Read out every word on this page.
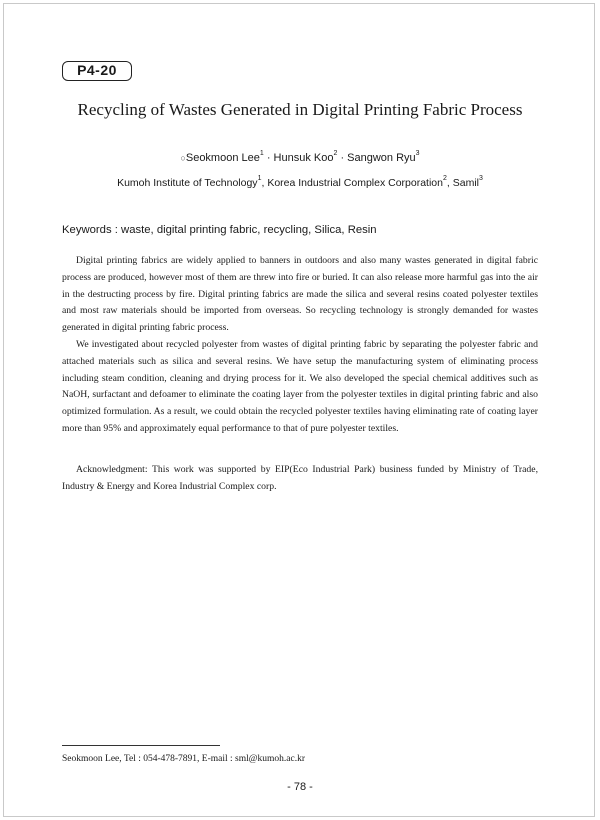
P4-20
Recycling of Wastes Generated in Digital Printing Fabric Process
○Seokmoon Lee$^1$ · Hunsuk Koo$^2$ · Sangwon Ryu$^3$
Kumoh Institute of Technology$^1$, Korea Industrial Complex Corporation$^2$, Samil$^3$
Keywords : waste, digital printing fabric, recycling, Silica, Resin

Digital printing fabrics are widely applied to banners in outdoors and also many wastes generated in digital fabric process are produced, however most of them are threw into fire or buried. It can also release more harmful gas into the air in the destructing process by fire. Digital printing fabrics are made the silica and several resins coated polyester textiles and most raw materials should be imported from overseas. So recycling technology is strongly demanded for wastes generated in digital printing fabric process.

We investigated about recycled polyester from wastes of digital printing fabric by separating the polyester fabric and attached materials such as silica and several resins. We have setup the manufacturing system of eliminating process including steam condition, cleaning and drying process for it. We also developed the special chemical additives such as NaOH, surfactant and defoamer to eliminate the coating layer from the polyester textiles in digital printing fabric and also optimized formulation. As a result, we could obtain the recycled polyester textiles having eliminating rate of coating layer more than 95% and approximately equal performance to that of pure polyester textiles.

Acknowledgment: This work was supported by EIP(Eco Industrial Park) business funded by Ministry of Trade, Industry & Energy and Korea Industrial Complex corp.
Seokmoon Lee, Tel : 054-478-7891, E-mail : sml@kumoh.ac.kr
- 78 -
